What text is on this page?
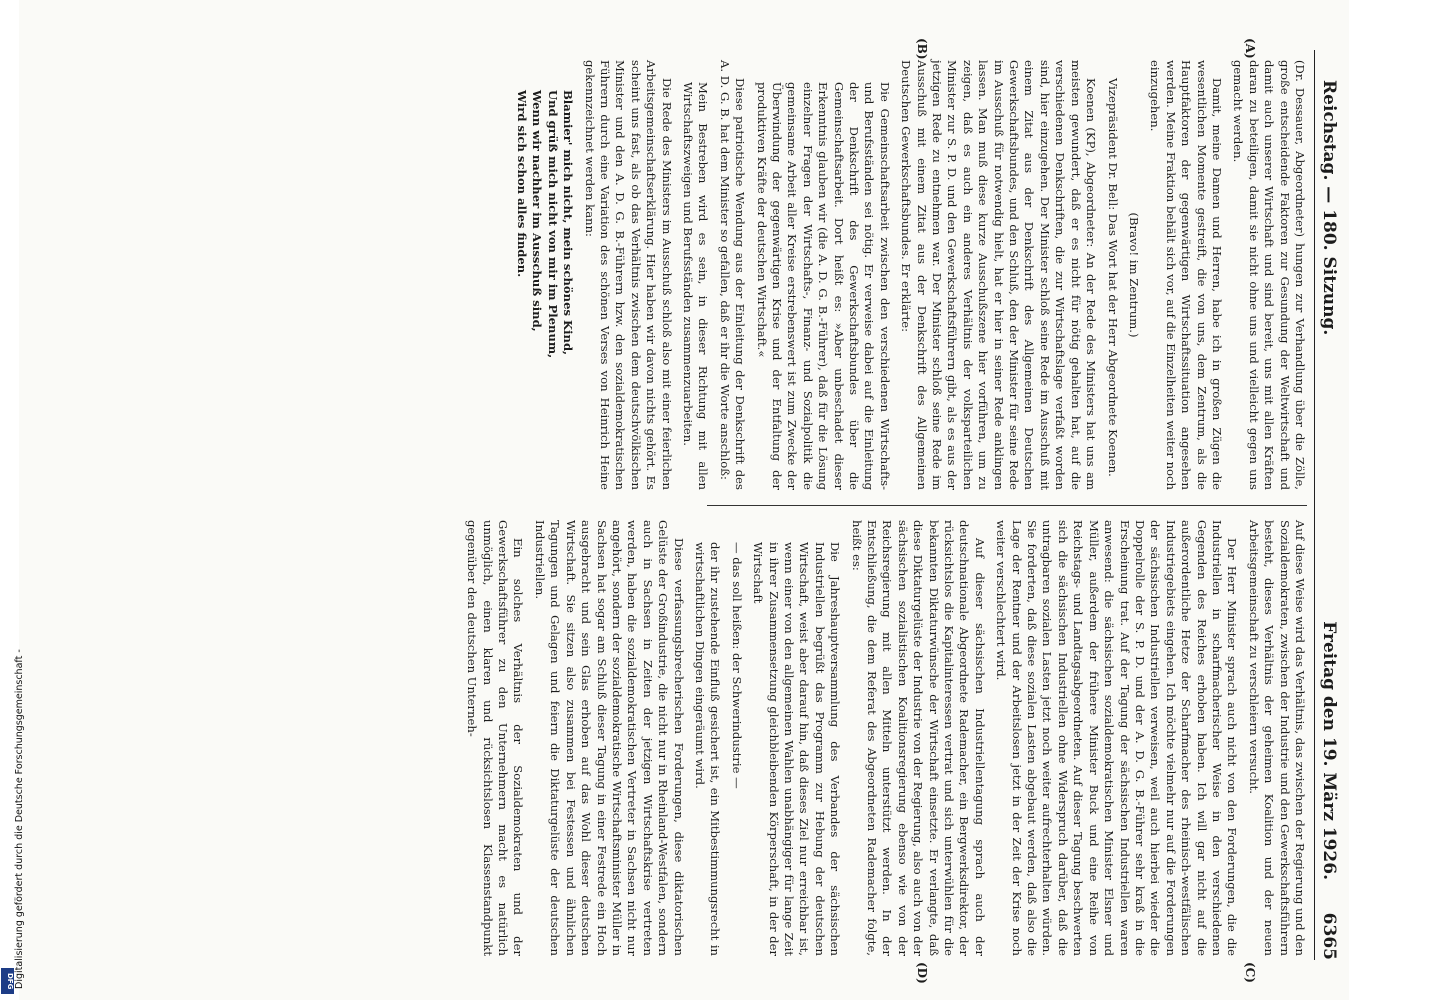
Reichstag. — 180. Sitzung.
Freitag den 19. März 1926.
6365
(A)
(B)
(C)
(D)

(Dr. Dessauer, Abgeordneter) hungen zur Verhandlung über die Zölle, große entscheidende Faktoren zur Gesundung der Weltwirtschaft und damit auch unserer Wirtschaft und sind bereit, uns mit allen Kräften daran zu beteiligen, damit sie nicht ohne uns und vielleicht gegen uns gemacht werden.

Damit, meine Damen und Herren, habe ich in großen Zügen die wesentlichen Momente gestreift, die von uns, dem Zentrum, als die Hauptfaktoren der gegenwärtigen Wirtschaftssituation angesehen werden. Meine Fraktion behält sich vor, auf die Einzelheiten weiter noch einzugehen.

(Bravo! im Zentrum.)

Vizepräsident Dr. Bell: Das Wort hat der Herr Abgeordnete Koenen.

Koenen (KP), Abgeordneter: An der Rede des Ministers hat uns am meisten gewundert, daß er es nicht für nötig gehalten hat, auf die verschiedenen Denkschriften, die zur Wirtschaftslage verfaßt worden sind, hier einzugehen. Der Minister schloß seine Rede im Ausschuß mit einem Zitat aus der Denkschrift des Allgemeinen Deutschen Gewerkschaftsbundes, und den Schluß, den der Minister für seine Rede im Ausschuß für notwendig hielt, hat er hier in seiner Rede anklingen lassen. Man muß diese kurze Ausschußszene hier vorführen, um zu zeigen, daß es auch ein anderes Verhältnis der volksparteilichen Minister zur S. P. D. und den Gewerkschaftsführern gibt, als es aus der jetzigen Rede zu entnehmen war. Der Minister schloß seine Rede im Ausschuß mit einem Zitat aus der Denkschrift des Allgemeinen Deutschen Gewerkschaftsbundes. Er erklärte:

Die Gemeinschaftsarbeit zwischen den verschiedenen Wirtschafts- und Berufsständen sei nötig. Er verweise dabei auf die Einleitung der Denkschrift des Gewerkschaftsbundes über die Gemeinschaftsarbeit. Dort heißt es: »Aber unbeschadet dieser Erkenntnis glauben wir (die A. D. G. B.-Führer), daß für die Lösung einzelner Fragen der Wirtschafts-, Finanz- und Sozialpolitik die gemeinsame Arbeit aller Kreise erstrebenswert ist zum Zwecke der Überwindung der gegenwärtigen Krise und der Entfaltung der produktiven Kräfte der deutschen Wirtschaft.«

Diese patriotische Wendung aus der Einleitung der Denkschrift des A. D. G. B. hat dem Minister so gefallen, daß er ihr die Worte anschloß:

Mein Bestreben wird es sein, in dieser Richtung mit allen Wirtschaftszweigen und Berufsständen zusammenzuarbeiten.

Die Rede des Ministers im Ausschuß schloß also mit einer feierlichen Arbeitsgemeinschaftserklärung. Hier haben wir davon nichts gehört. Es scheint uns fast, als ob das Verhältnis zwischen dem deutschvölkischen Minister und den A. D. G. B.-Führern hzw. den sozialdemokratischen Führern durch eine Variation des schönen Verses von Heinrich Heine gekennzeichnet werden kann:

Blamier' mich nicht, mein schönes Kind,
Und grüß mich nicht von mir im Plenum,
Wenn wir nachher im Ausschuß sind,
Wird sich schon alles finden.

Auf diese Weise wird das Verhältnis, das zwischen der Regierung und den Sozialdemokraten, zwischen der Industrie und den Gewerkschaftsführern besteht, dieses Verhältnis der geheimen Koalition und der neuen Arbeitsgemeinschaft zu verschleiern versucht.

Der Herr Minister sprach auch nicht von den Forderungen, die die Industriellen in scharfmacherischer Weise in den verschiedenen Gegenden des Reiches erhoben haben. Ich will gar nicht auf die außerordentliche Hetze der Scharfmacher des rheinisch-westfälischen Industriegebiets eingehen. Ich möchte vielmehr nur auf die Forderungen der sächsischen Industriellen verweisen, weil auch hierbei wieder die Doppelrolle der S. P. D. und der A. D. G. B.-Führer sehr kraß in die Erscheinung trat. Auf der Tagung der sächsischen Industriellen waren anwesend: die sächsischen sozialdemokratischen Minister Elsner und Müller, außerdem der frühere Minister Buck und eine Reihe von Reichstags- und Landtagsabgeordneten. Auf dieser Tagung beschwerten sich die sächsischen Industriellen ohne Widerspruch darüber, daß die untragbaren sozialen Lasten jetzt noch weiter aufrechterhalten würden. Sie forderten, daß diese sozialen Lasten abgebaut werden, daß also die Lage der Rentner und der Arbeitslosen jetzt in der Zeit der Krise noch weiter verschlechtert wird.

Auf dieser sächsischen Industriellentagung sprach auch der deutschnationale Abgeordnete Rademacher, ein Bergwerksdirektor, der rücksichtslos die Kapitalinteressen vertrat und sich unterwühlen für die bekannten Diktaturwünsche der Wirtschaft einsetzte. Er verlangte, daß diese Diktaturgelüste der Industrie von der Regierung, also auch von der sächsischen sozialistischen Koalitionsregierung ebenso wie von der Reichsregierung mit allen Mitteln unterstützt werden. In der Entschließung, die dem Referat des Abgeordneten Rademacher folgte, heißt es:

Die Jahreshauptversammlung des Verbandes der sächsischen Industriellen begrüßt das Programm zur Hebung der deutschen Wirtschaft, weist aber darauf hin, daß dieses Ziel nur erreichbar ist, wenn einer von den allgemeinen Wahlen unabhängiger für lange Zeit in ihrer Zusammensetzung gleichbleibenden Körperschaft, in der der Wirtschaft

— das soll heißen: der Schwerindustrie —

der ihr zustehende Einfluß gesichert ist, ein Mitbestimmungsrecht in wirtschaftlichen Dingen eingeräumt wird.

Diese verfassungsbrecherischen Forderungen, diese diktatorischen Gelüste der Großindustrie, die nicht nur in Rheinland-Westfalen, sondern auch in Sachsen in Zeiten der jetzigen Wirtschaftskrise vertreten werden, haben die sozialdemokratischen Vertreter in Sachsen nicht nur angehört, sondern der sozialdemokratische Wirtschaftsminister Müller in Sachsen hat sogar am Schluß dieser Tagung in einer Festrede ein Hoch ausgebracht und sein Glas erhoben auf das Wohl dieser deutschen Wirtschaft. Sie sitzen also zusammen bei Festessen und ähnlichen Tagungen und Gelagen und feiern die Diktaturgelüste der deutschen Industriellen.

Ein solches Verhältnis der Sozialdemokraten und der Gewerkschaftsführer zu den Unternehmern macht es natürlich unmöglich, einen klaren und rücksichtslosen Klassenstandpunkt gegenüber den deutschen Unterneh-

Digitalisierung gefördert durch die Deutsche Forschungsgemeinschaft -
DFG
